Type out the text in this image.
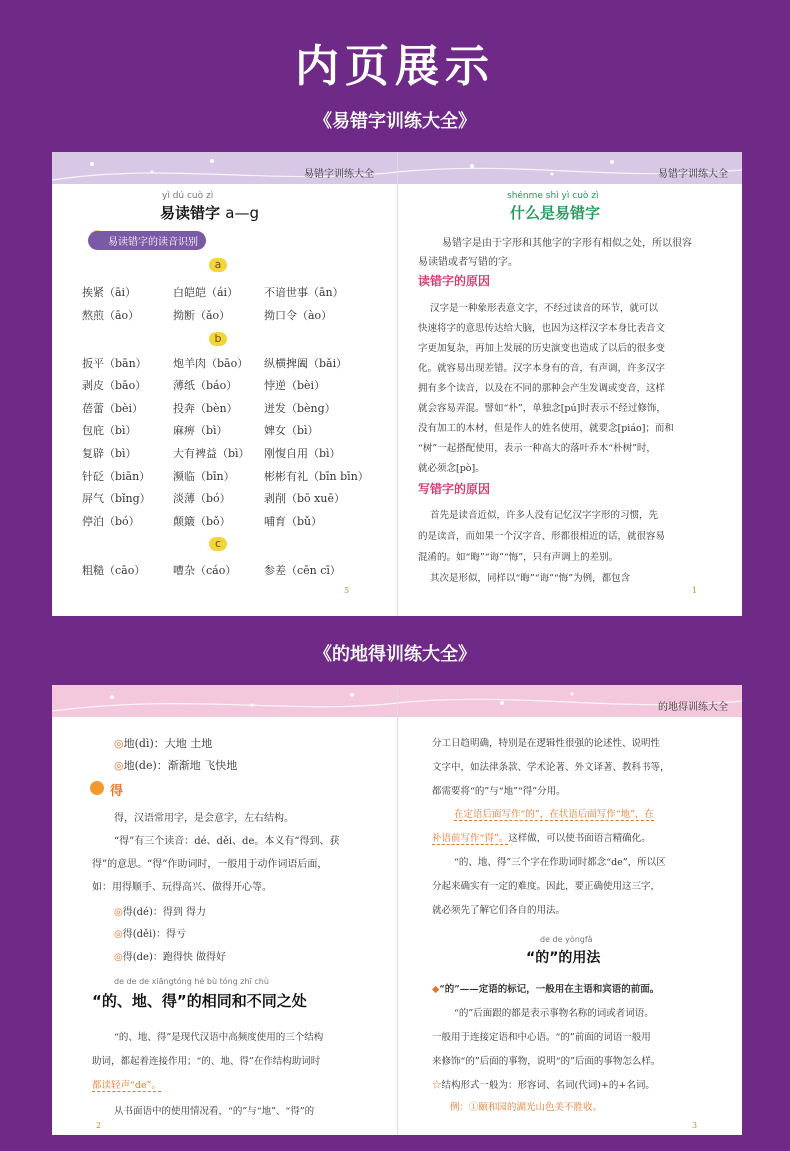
内页展示
《易错字训练大全》
易错字训练大全	易错字训练大全
yì dú cuò zì
易读错字 a—g
易读错字的读音识别
a
b
c
挨紧（āi）	白皑皑（ái） 不谙世事（ān）
熬煎（āo）	拗断（ǎo）	拗口令（ào）
扳平（bān） 炮羊肉（bāo） 纵横捭阖（bǎi）
剥皮（bāo） 薄纸（báo） 悖逆（bèi）
蓓蕾（bèi）	投奔（bèn） 迸发（bèng）
包庇（bì）	麻痹（bì）	婢女（bì）
复辟（bì）	大有裨益（bì） 刚愎自用（bì）
针砭（biān） 濒临（bīn）	彬彬有礼（bīn bīn）
屏气（bǐng） 淡薄（bó）	剥削（bō xuē）
停泊（bó）	颠簸（bǒ）	哺育（bǔ）
粗糙（cāo）	嘈杂（cáo）	参差（cēn cī）
5
shénme shì yì cuò zì
什么是易错字
易错字是由于字形和其他字的字形有相似之处，所以很容
易读错或者写错的字。
读错字的原因
汉字是一种象形表意文字，不经过读音的环节，就可以
快速将字的意思传达给大脑，也因为这样汉字本身比表音文
字更加复杂，再加上发展的历史演变也造成了以后的很多变
化。就容易出现差错。汉字本身有的音，有声调，许多汉字
拥有多个读音，以及在不同的那种会产生发调或变音，这样
就会容易弄混。譬如“朴”，单独念[pú]时表示不经过修饰，
没有加工的木材，但是作人的姓名使用，就要念[piáo]；而和
“树”一起搭配使用，表示一种高大的落叶乔木“朴树”时，
就必须念[pò]。
写错字的原因
首先是读音近似，许多人没有记忆汉字字形的习惯，先
的是读音，而如果一个汉字音、形都很相近的话，就很容易
混淆的。如“晦”“诲”“悔”，只有声调上的差别。
其次是形似，同样以“晦”“诲”“悔”为例，都包含
1
《的地得训练大全》
的地得训练大全
◎地(dì)：大地 土地
◎地(de)：渐渐地 飞快地
得
得，汉语常用字，是会意字，左右结构。
“得”有三个读音：dé、děi、de。本义有“得到、获
得”的意思。“得”作助词时，一般用于动作词语后面，
如：用得顺手、玩得高兴、做得开心等。
◎得(dé)：得到 得力
◎得(děi)：得亏
◎得(de)：跑得快 做得好
de de de xiāngtóng hé bù tóng zhī chù
“的、地、得”的相同和不同之处
“的、地、得”是现代汉语中高频度使用的三个结构
助词，都起着连接作用；“的、地、得”在作结构助词时
都读轻声“de”。
从书面语中的使用情况看，“的”与“地”、“得”的
2
分工日趋明确，特别是在逻辑性很强的论述性、说明性
文字中，如法律条款、学术论著、外文译著、教科书等，
都需要将“的”与“地”“得”分用。
在定语后面写作“的”，在状语后面写作“地”，在
补语前写作“得”。这样做，可以使书面语言精确化。
“的、地、得”三个字在作助词时都念“de”，所以区
分起来确实有一定的难度。因此，要正确使用这三字，
就必须先了解它们各自的用法。
de de yòngfǎ
“的”的用法
◆“的”——定语的标记，一般用在主语和宾语的前面。
“的”后面跟的都是表示事物名称的词或者词语。
一般用于连接定语和中心语。“的”前面的词语一般用
来修饰“的”后面的事物，说明“的”后面的事物怎么样。
☆结构形式一般为：形容词、名词(代词)+的+名词。
例：①颐和园的湖光山色美不胜收。
3
